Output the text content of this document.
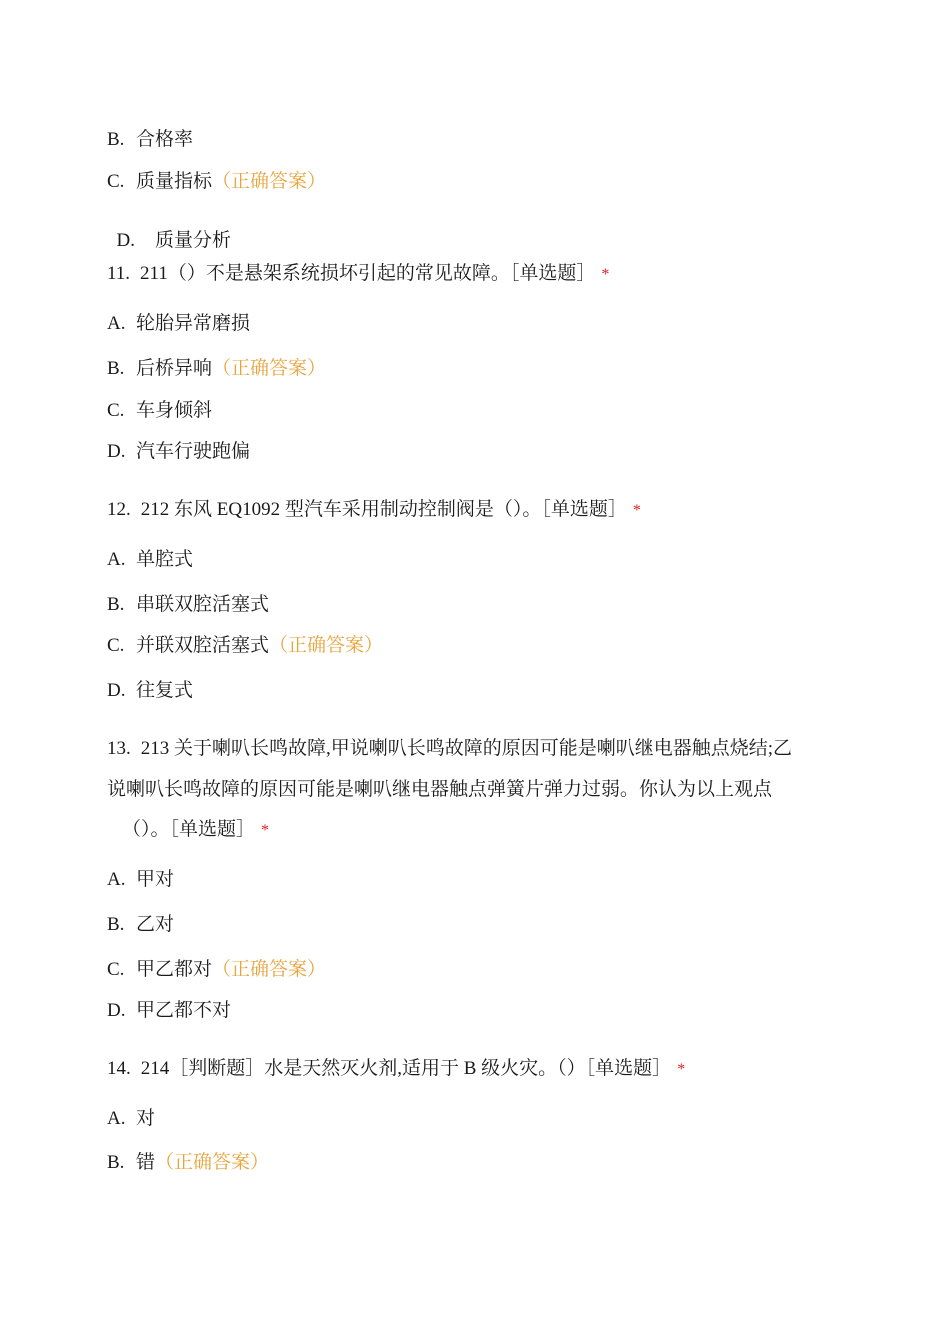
B. 合格率
C. 质量指标（正确答案）

D.  质量分析

11. 211（）不是悬架系统损坏引起的常见故障。［单选题］ *
A. 轮胎异常磨损
B. 后桥异响（正确答案）
C. 车身倾斜
D. 汽车行驶跑偏
12. 212 东风 EQ1092 型汽车采用制动控制阀是（）。［单选题］ *
A. 单腔式
B. 串联双腔活塞式
C. 并联双腔活塞式（正确答案）
D. 往复式
13. 213 关于喇叭长鸣故障,甲说喇叭长鸣故障的原因可能是喇叭继电器触点烧结;乙
说喇叭长鸣故障的原因可能是喇叭继电器触点弹簧片弹力过弱。你认为以上观点
（）。［单选题］ *
A. 甲对
B. 乙对
C. 甲乙都对（正确答案）
D. 甲乙都不对
14. 214［判断题］水是天然灭火剂,适用于 B 级火灾。（）［单选题］ *
A. 对
B. 错（正确答案）
